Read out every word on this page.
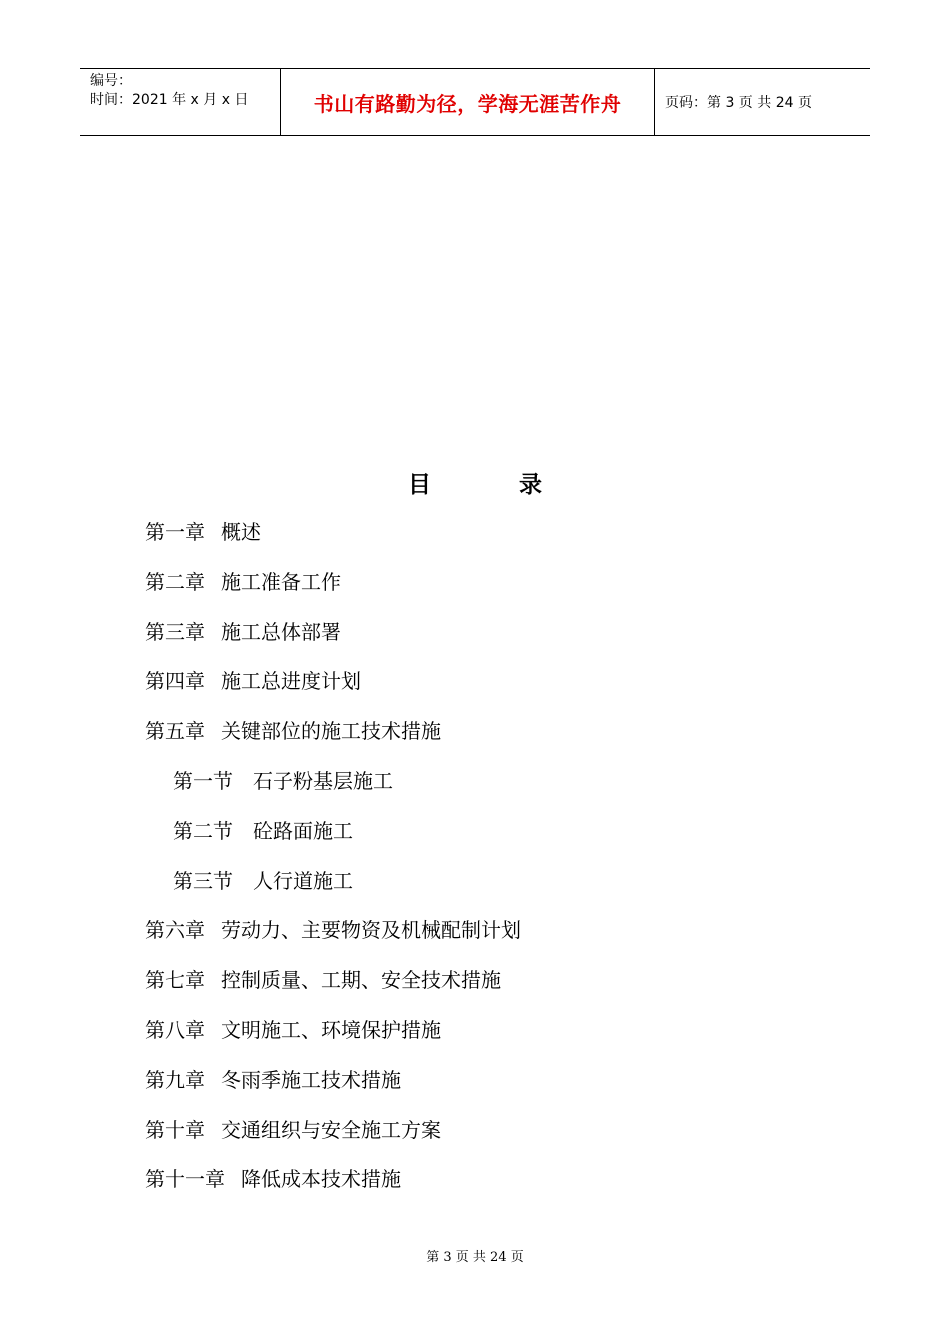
编号：
时间：2021 年 x 月 x 日	书山有路勤为径，学海无涯苦作舟	页码：第 3 页 共 24 页
目	录
第一章 概述
第二章 施工准备工作
第三章 施工总体部署
第四章 施工总进度计划
第五章 关键部位的施工技术措施
第一节 石子粉基层施工
第二节 砼路面施工
第三节 人行道施工
第六章 劳动力、主要物资及机械配制计划
第七章 控制质量、工期、安全技术措施
第八章 文明施工、环境保护措施
第九章 冬雨季施工技术措施
第十章 交通组织与安全施工方案
第十一章 降低成本技术措施
第 3 页 共 24 页
